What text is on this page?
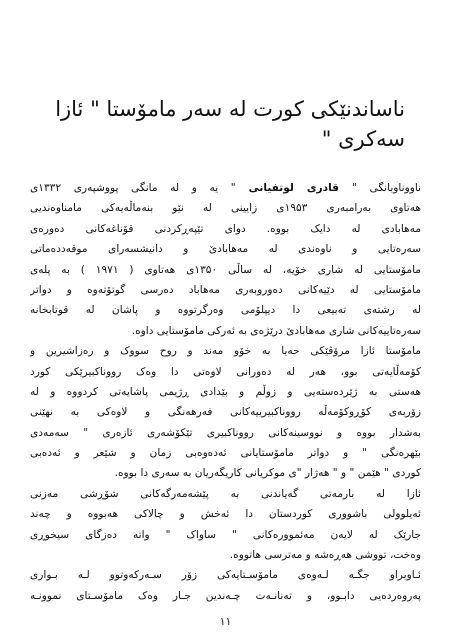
ناساندنێکی کورت لە سەر مامۆستا " ئازا سەکری "
ناووناوبانگی " قادری لوتفیانی " یە و لە مانگی پووشپەری ۱۳۳۲ی
هەتاوی بەرامبەری ۱۹۵۳ی زایینی لە نێو بنەماڵەیەکی مامناوەندیی
مەهابادی لە دایک بووە. دوای تێپەڕکردنی قۆناغەکانی دەورەی
سەرەتایی و ناوەندی لە مەهابادێ و دانیشسەرای موقەددەماتی
مامۆستایی لە شاری خۆیە، لە ساڵی ۱۳۵۰ی هەتاوی ( ۱۹۷۱ ) بە پلەی
مامۆستایی لە دێیەکانی دەوروبەری مەهاباد دەرسی گوتۆتەوە و دواتر
لە رشتەی تەبیعی دا دیپلۆمی وەرگرتووە و پاشان لە قوتابخانە
سەرەتاییەکانی شاری مەهابادێ درێژەی بە ئەرکی مامۆستایی داوە.
مامۆستا ئازا مرۆڤێکی حەیا بە خۆو مەند و روح سووک و رەزاشیرین و
کۆمەڵایەتی بوو، هەر لە دەورانی لاوەتی دا وەک رووناکبیرێکی کورد
هەستی بە ژێردەستەیی و زوڵم و بێدادی ڕژیمی پاشایەتی کردووە و لە
زۆربەی کۆڕوکۆمەڵە رووناکبیرییەکانی فەرهەنگی و لاوەکی بە نهێنی
بەشدار بووە و نووسینەکانی رووناکبیری تێکۆشەری ئازەری " سەمەدی
بێهرەنگی " و دواتر مامۆستایانی ئەدەوەبی زمان و شێعر و ئەدەبی
کوردی " هێمن " و " هەژار "ی موکریانی کاریگەریان بە سەری دا بووە.
ئازا لە بارمەتی گەیاندنی بە پێشەمەرگەکانی شۆڕشی مەزنی
ئەیلوولی باشووری کوردستان دا ئەخش و چالاکی هەبووە و چەند
جارێک لە لایەن مەئموورەکانی " ساواک " واتە دەزگای سیخوڕی
وەخت، تووشی هەڕەشە و مەترسی هاتووە.
ئـاوبراو جگـە لـەوەی مامۆسـتایەکی زۆر سـەرکەوتوو لـە بـواری
پەروەردەیی دابـوو، و تەنانـەت چـەندین جـار وەک مامۆسـتای نموونـە
١١
